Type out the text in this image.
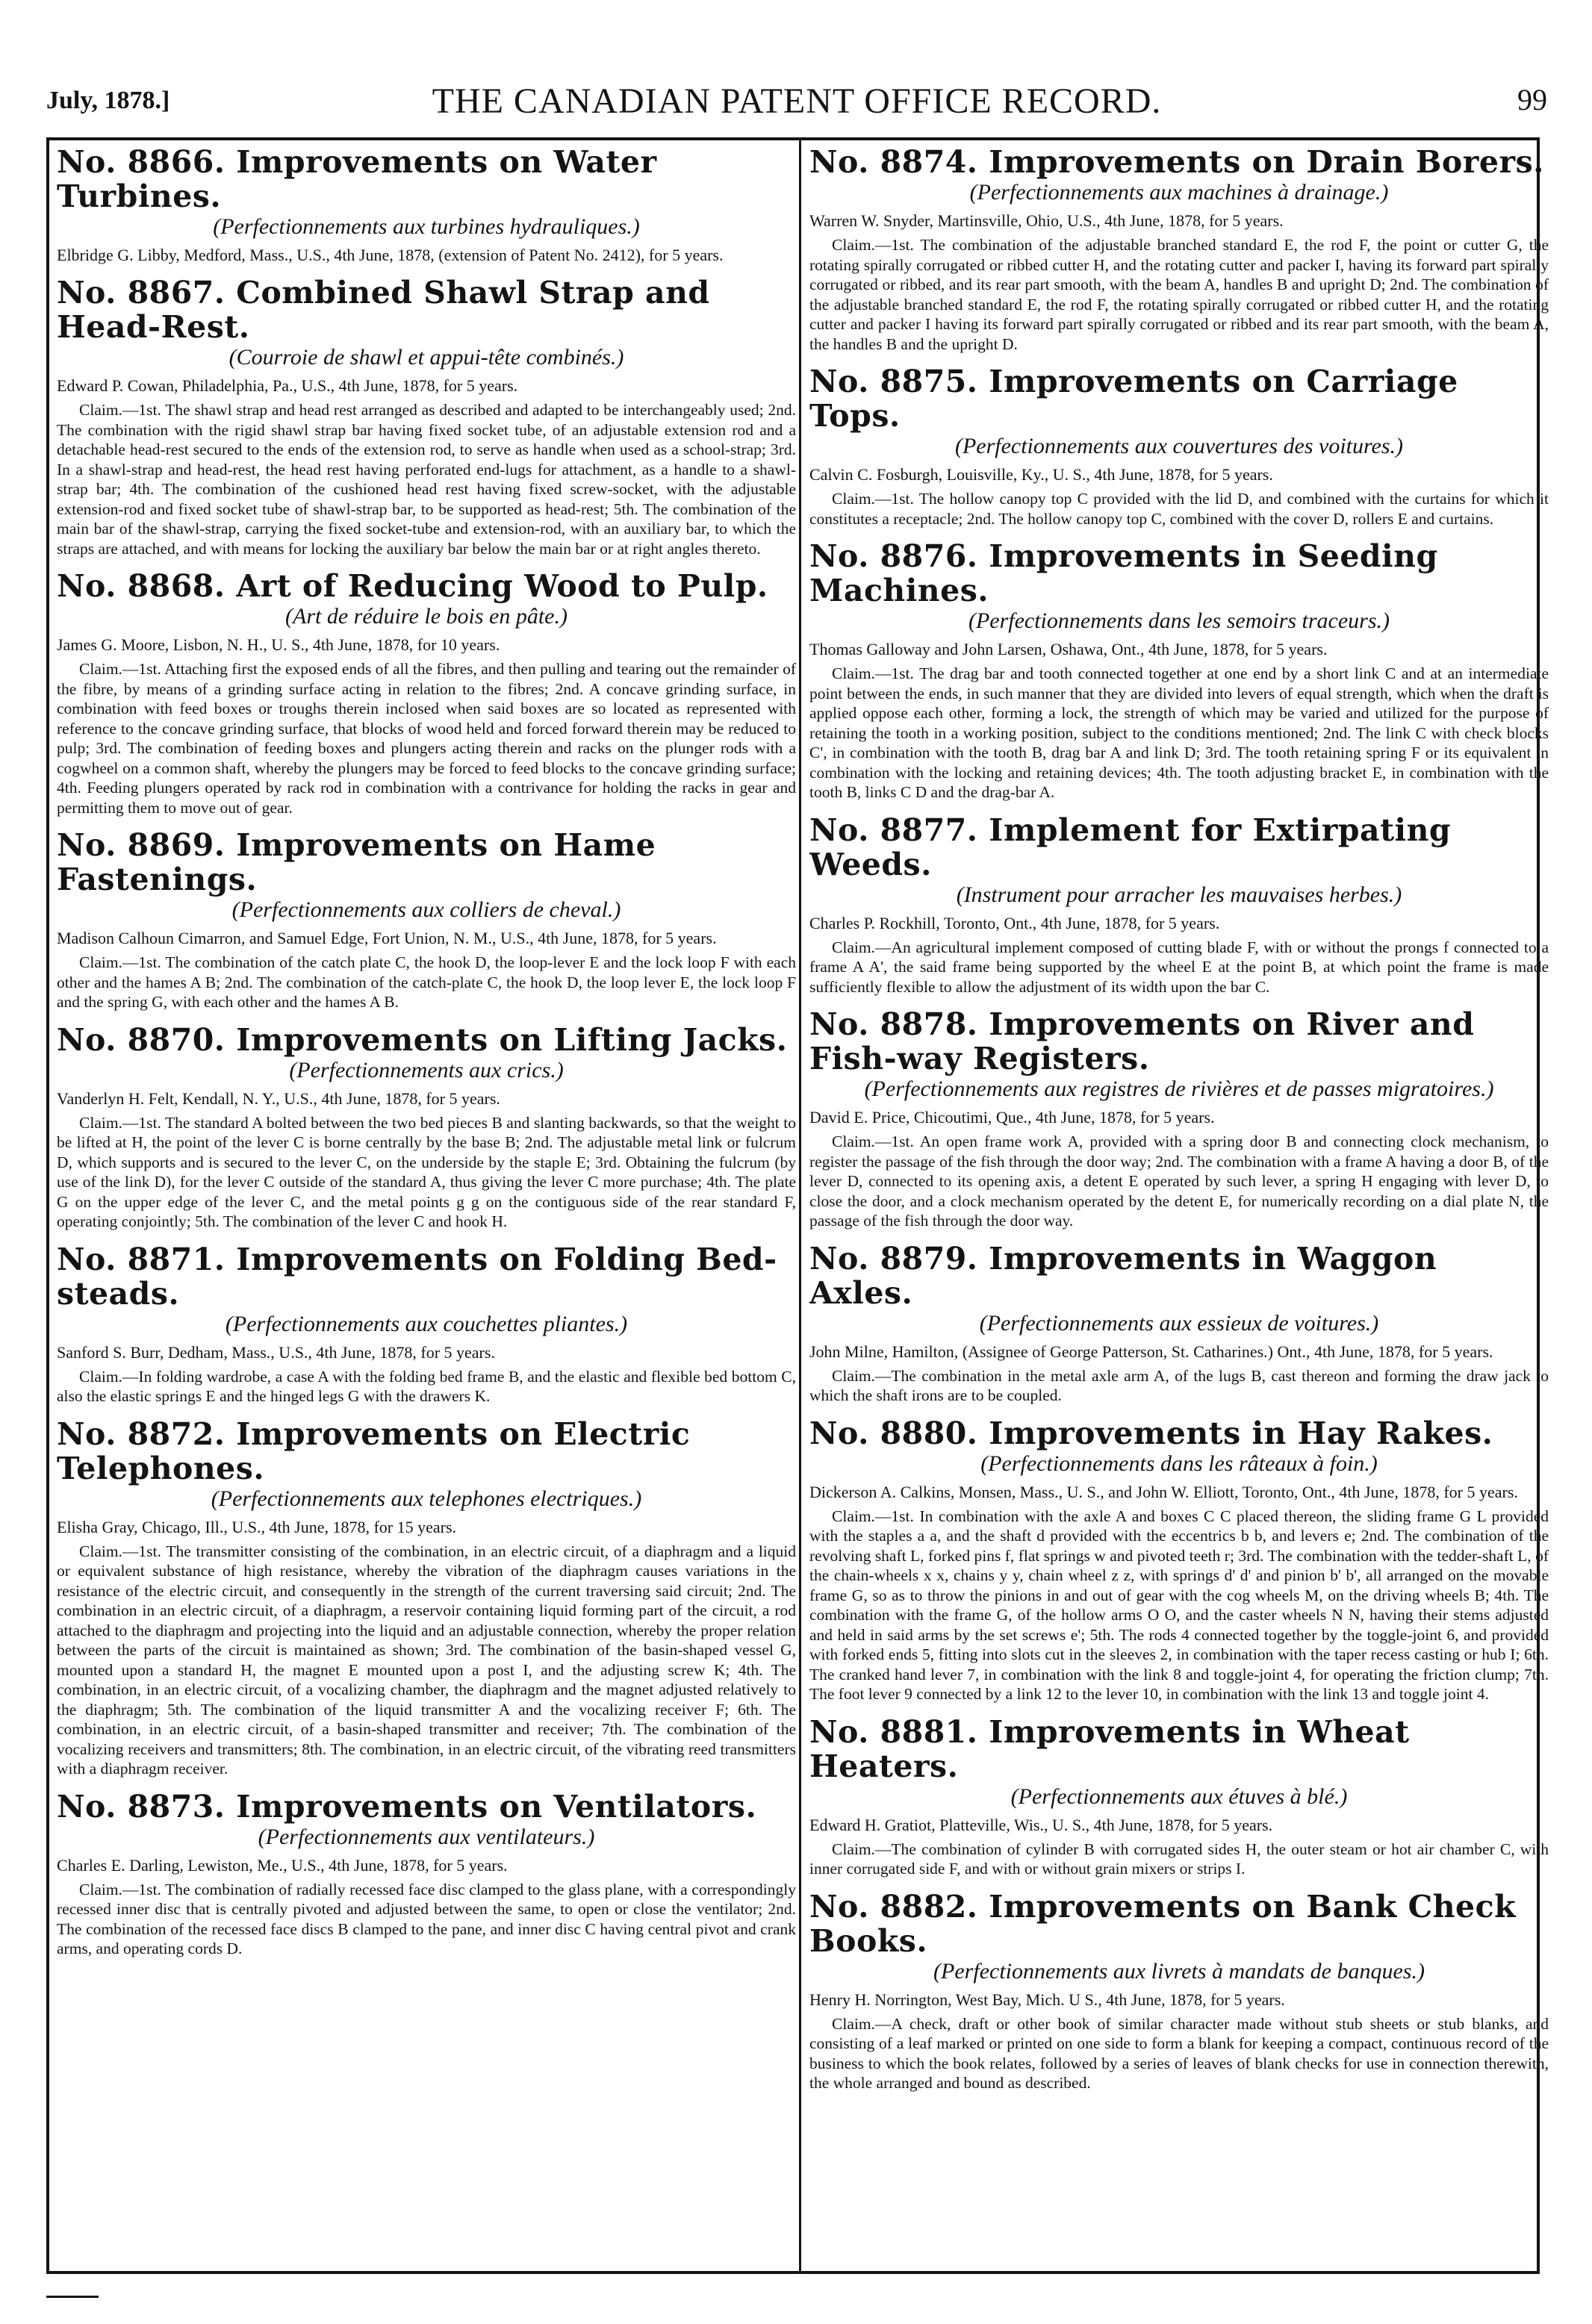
July, 1878.]	THE CANADIAN PATENT OFFICE RECORD.	99

No. 8866. Improvements on Water Turbines.

(Perfectionnements aux turbines hydrauliques.)

Elbridge G. Libby, Medford, Mass., U.S., 4th June, 1878, (extension of Patent No. 2412), for 5 years.

No. 8867. Combined Shawl Strap and Head-Rest.

(Courroie de shawl et appui-tête combinés.)

Edward P. Cowan, Philadelphia, Pa., U.S., 4th June, 1878, for 5 years.

Claim.—1st. The shawl strap and head rest arranged as described and adapted to be interchangeably used; 2nd. The combination with the rigid shawl strap bar having fixed socket tube, of an adjustable extension rod and a detachable head-rest secured to the ends of the extension rod, to serve as handle when used as a school-strap; 3rd. In a shawl-strap and head-rest, the head rest having perforated end-lugs for attachment, as a handle to a shawl-strap bar; 4th. The combination of the cushioned head rest having fixed screw-socket, with the adjustable extension-rod and fixed socket tube of shawl-strap bar, to be supported as head-rest; 5th. The combination of the main bar of the shawl-strap, carrying the fixed socket-tube and extension-rod, with an auxiliary bar, to which the straps are attached, and with means for locking the auxiliary bar below the main bar or at right angles thereto.

No. 8868. Art of Reducing Wood to Pulp.

(Art de réduire le bois en pâte.)

James G. Moore, Lisbon, N. H., U. S., 4th June, 1878, for 10 years.

Claim.—1st. Attaching first the exposed ends of all the fibres, and then pulling and tearing out the remainder of the fibre, by means of a grinding surface acting in relation to the fibres; 2nd. A concave grinding surface, in combination with feed boxes or troughs therein inclosed when said boxes are so located as represented with reference to the concave grinding surface, that blocks of wood held and forced forward therein may be reduced to pulp; 3rd. The combination of feeding boxes and plungers acting therein and racks on the plunger rods with a cogwheel on a common shaft, whereby the plungers may be forced to feed blocks to the concave grinding surface; 4th. Feeding plungers operated by rack rod in combination with a contrivance for holding the racks in gear and permitting them to move out of gear.

No. 8869. Improvements on Hame Fastenings.

(Perfectionnements aux colliers de cheval.)

Madison Calhoun Cimarron, and Samuel Edge, Fort Union, N. M., U.S., 4th June, 1878, for 5 years.

Claim.—1st. The combination of the catch plate C, the hook D, the loop-lever E and the lock loop F with each other and the hames A B; 2nd. The combination of the catch-plate C, the hook D, the loop lever E, the lock loop F and the spring G, with each other and the hames A B.

No. 8870. Improvements on Lifting Jacks.

(Perfectionnements aux crics.)

Vanderlyn H. Felt, Kendall, N. Y., U.S., 4th June, 1878, for 5 years.

Claim.—1st. The standard A bolted between the two bed pieces B and slanting backwards, so that the weight to be lifted at H, the point of the lever C is borne centrally by the base B; 2nd. The adjustable metal link or fulcrum D, which supports and is secured to the lever C, on the underside by the staple E; 3rd. Obtaining the fulcrum (by use of the link D), for the lever C outside of the standard A, thus giving the lever C more purchase; 4th. The plate G on the upper edge of the lever C, and the metal points g g on the contiguous side of the rear standard F, operating conjointly; 5th. The combination of the lever C and hook H.

No. 8871. Improvements on Folding Bed-steads.

(Perfectionnements aux couchettes pliantes.)

Sanford S. Burr, Dedham, Mass., U.S., 4th June, 1878, for 5 years.

Claim.—In folding wardrobe, a case A with the folding bed frame B, and the elastic and flexible bed bottom C, also the elastic springs E and the hinged legs G with the drawers K.

No. 8872. Improvements on Electric Telephones.

(Perfectionnements aux telephones electriques.)

Elisha Gray, Chicago, Ill., U.S., 4th June, 1878, for 15 years.

Claim.—1st. The transmitter consisting of the combination, in an electric circuit, of a diaphragm and a liquid or equivalent substance of high resistance, whereby the vibration of the diaphragm causes variations in the resistance of the electric circuit, and consequently in the strength of the current traversing said circuit; 2nd. The combination in an electric circuit, of a diaphragm, a reservoir containing liquid forming part of the circuit, a rod attached to the diaphragm and projecting into the liquid and an adjustable connection, whereby the proper relation between the parts of the circuit is maintained as shown; 3rd. The combination of the basin-shaped vessel G, mounted upon a standard H, the magnet E mounted upon a post I, and the adjusting screw K; 4th. The combination, in an electric circuit, of a vocalizing chamber, the diaphragm and the magnet adjusted relatively to the diaphragm; 5th. The combination of the liquid transmitter A and the vocalizing receiver F; 6th. The combination, in an electric circuit, of a basin-shaped transmitter and receiver; 7th. The combination of the vocalizing receivers and transmitters; 8th. The combination, in an electric circuit, of the vibrating reed transmitters with a diaphragm receiver.

No. 8873. Improvements on Ventilators.

(Perfectionnements aux ventilateurs.)

Charles E. Darling, Lewiston, Me., U.S., 4th June, 1878, for 5 years.

Claim.—1st. The combination of radially recessed face disc clamped to the glass plane, with a correspondingly recessed inner disc that is centrally pivoted and adjusted between the same, to open or close the ventilator; 2nd. The combination of the recessed face discs B clamped to the pane, and inner disc C having central pivot and crank arms, and operating cords D.

No. 8874. Improvements on Drain Borers.

(Perfectionnements aux machines à drainage.)

Warren W. Snyder, Martinsville, Ohio, U.S., 4th June, 1878, for 5 years.

Claim.—1st. The combination of the adjustable branched standard E, the rod F, the point or cutter G, the rotating spirally corrugated or ribbed cutter H, and the rotating cutter and packer I, having its forward part spirally corrugated or ribbed, and its rear part smooth, with the beam A, handles B and upright D; 2nd. The combination of the adjustable branched standard E, the rod F, the rotating spirally corrugated or ribbed cutter H, and the rotating cutter and packer I having its forward part spirally corrugated or ribbed and its rear part smooth, with the beam A, the handles B and the upright D.

No. 8875. Improvements on Carriage Tops.

(Perfectionnements aux couvertures des voitures.)

Calvin C. Fosburgh, Louisville, Ky., U. S., 4th June, 1878, for 5 years.

Claim.—1st. The hollow canopy top C provided with the lid D, and combined with the curtains for which it constitutes a receptacle; 2nd. The hollow canopy top C, combined with the cover D, rollers E and curtains.

No. 8876. Improvements in Seeding Machines.

(Perfectionnements dans les semoirs traceurs.)

Thomas Galloway and John Larsen, Oshawa, Ont., 4th June, 1878, for 5 years.

Claim.—1st. The drag bar and tooth connected together at one end by a short link C and at an intermediate point between the ends, in such manner that they are divided into levers of equal strength, which when the draft is applied oppose each other, forming a lock, the strength of which may be varied and utilized for the purpose of retaining the tooth in a working position, subject to the conditions mentioned; 2nd. The link C with check blocks C', in combination with the tooth B, drag bar A and link D; 3rd. The tooth retaining spring F or its equivalent in combination with the locking and retaining devices; 4th. The tooth adjusting bracket E, in combination with the tooth B, links C D and the drag-bar A.

No. 8877. Implement for Extirpating Weeds.

(Instrument pour arracher les mauvaises herbes.)

Charles P. Rockhill, Toronto, Ont., 4th June, 1878, for 5 years.

Claim.—An agricultural implement composed of cutting blade F, with or without the prongs f connected to a frame A A', the said frame being supported by the wheel E at the point B, at which point the frame is made sufficiently flexible to allow the adjustment of its width upon the bar C.

No. 8878. Improvements on River and Fish-way Registers.

(Perfectionnements aux registres de rivières et de passes migratoires.)

David E. Price, Chicoutimi, Que., 4th June, 1878, for 5 years.

Claim.—1st. An open frame work A, provided with a spring door B and connecting clock mechanism, to register the passage of the fish through the door way; 2nd. The combination with a frame A having a door B, of the lever D, connected to its opening axis, a detent E operated by such lever, a spring H engaging with lever D, to close the door, and a clock mechanism operated by the detent E, for numerically recording on a dial plate N, the passage of the fish through the door way.

No. 8879. Improvements in Waggon Axles.

(Perfectionnements aux essieux de voitures.)

John Milne, Hamilton, (Assignee of George Patterson, St. Catharines.) Ont., 4th June, 1878, for 5 years.

Claim.—The combination in the metal axle arm A, of the lugs B, cast thereon and forming the draw jack to which the shaft irons are to be coupled.

No. 8880. Improvements in Hay Rakes.

(Perfectionnements dans les râteaux à foin.)

Dickerson A. Calkins, Monsen, Mass., U. S., and John W. Elliott, Toronto, Ont., 4th June, 1878, for 5 years.

Claim.—1st. In combination with the axle A and boxes C C placed thereon, the sliding frame G L provided with the staples a a, and the shaft d provided with the eccentrics b b, and levers e; 2nd. The combination of the revolving shaft L, forked pins f, flat springs w and pivoted teeth r; 3rd. The combination with the tedder-shaft L, of the chain-wheels x x, chains y y, chain wheel z z, with springs d' d' and pinion b' b', all arranged on the movable frame G, so as to throw the pinions in and out of gear with the cog wheels M, on the driving wheels B; 4th. The combination with the frame G, of the hollow arms O O, and the caster wheels N N, having their stems adjusted and held in said arms by the set screws e'; 5th. The rods 4 connected together by the toggle-joint 6, and provided with forked ends 5, fitting into slots cut in the sleeves 2, in combination with the taper recess casting or hub I; 6th. The cranked hand lever 7, in combination with the link 8 and toggle-joint 4, for operating the friction clump; 7th. The foot lever 9 connected by a link 12 to the lever 10, in combination with the link 13 and toggle joint 4.

No. 8881. Improvements in Wheat Heaters.

(Perfectionnements aux étuves à blé.)

Edward H. Gratiot, Platteville, Wis., U. S., 4th June, 1878, for 5 years.

Claim.—The combination of cylinder B with corrugated sides H, the outer steam or hot air chamber C, with inner corrugated side F, and with or without grain mixers or strips I.

No. 8882. Improvements on Bank Check Books.

(Perfectionnements aux livrets à mandats de banques.)

Henry H. Norrington, West Bay, Mich. U S., 4th June, 1878, for 5 years.

Claim.—A check, draft or other book of similar character made without stub sheets or stub blanks, and consisting of a leaf marked or printed on one side to form a blank for keeping a compact, continuous record of the business to which the book relates, followed by a series of leaves of blank checks for use in connection therewith, the whole arranged and bound as described.
